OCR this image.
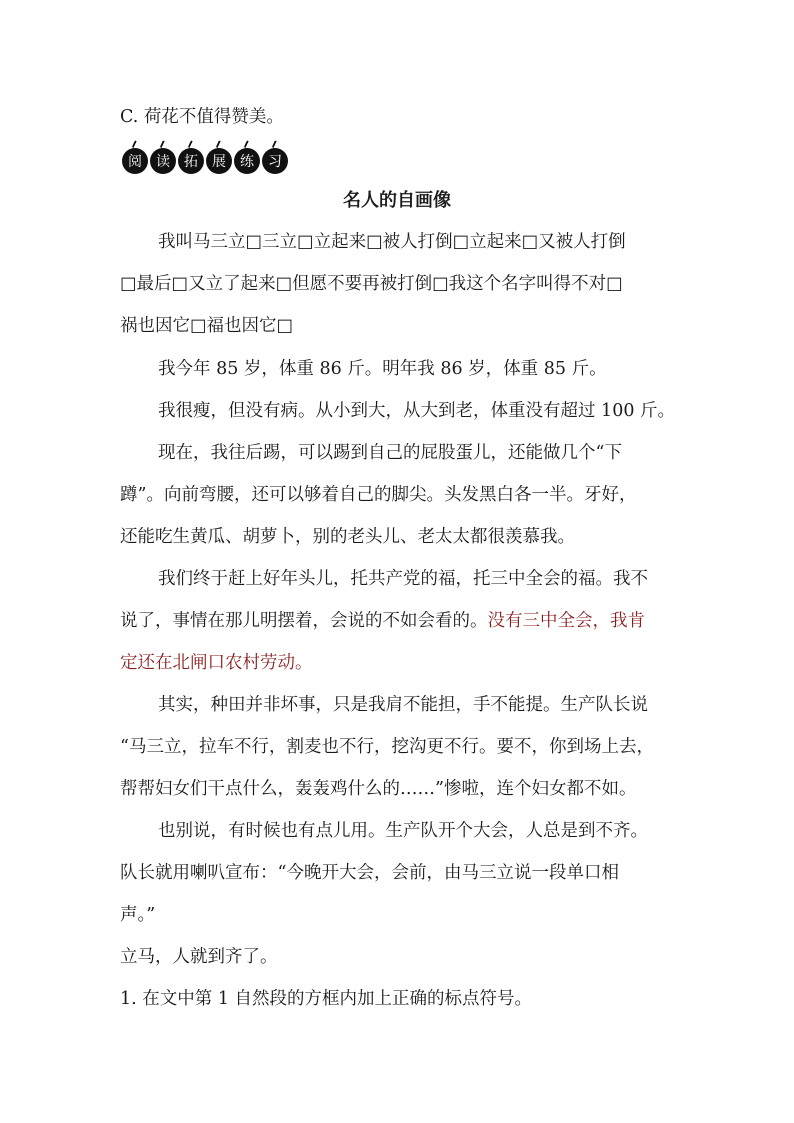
C. 荷花不值得赞美。
阅	读	拓	展	练	习
名人的自画像
我叫马三立□三立□立起来□被人打倒□立起来□又被人打倒
□最后□又立了起来□但愿不要再被打倒□我这个名字叫得不对□
祸也因它□福也因它□
我今年 85 岁，体重 86 斤。明年我 86 岁，体重 85 斤。
我很瘦，但没有病。从小到大，从大到老，体重没有超过 100 斤。
现在，我往后踢，可以踢到自己的屁股蛋儿，还能做几个“下
蹲”。向前弯腰，还可以够着自己的脚尖。头发黑白各一半。牙好，
还能吃生黄瓜、胡萝卜，别的老头儿、老太太都很羡慕我。
我们终于赶上好年头儿，托共产党的福，托三中全会的福。我不
说了，事情在那儿明摆着，会说的不如会看的。没有三中全会，我肯
定还在北闸口农村劳动。
其实，种田并非坏事，只是我肩不能担，手不能提。生产队长说
“马三立，拉车不行，割麦也不行，挖沟更不行。要不，你到场上去，
帮帮妇女们干点什么，轰轰鸡什么的……”惨啦，连个妇女都不如。
也别说，有时候也有点儿用。生产队开个大会，人总是到不齐。
队长就用喇叭宣布：“今晚开大会，会前，由马三立说一段单口相
声。”
立马，人就到齐了。
1. 在文中第 1 自然段的方框内加上正确的标点符号。
